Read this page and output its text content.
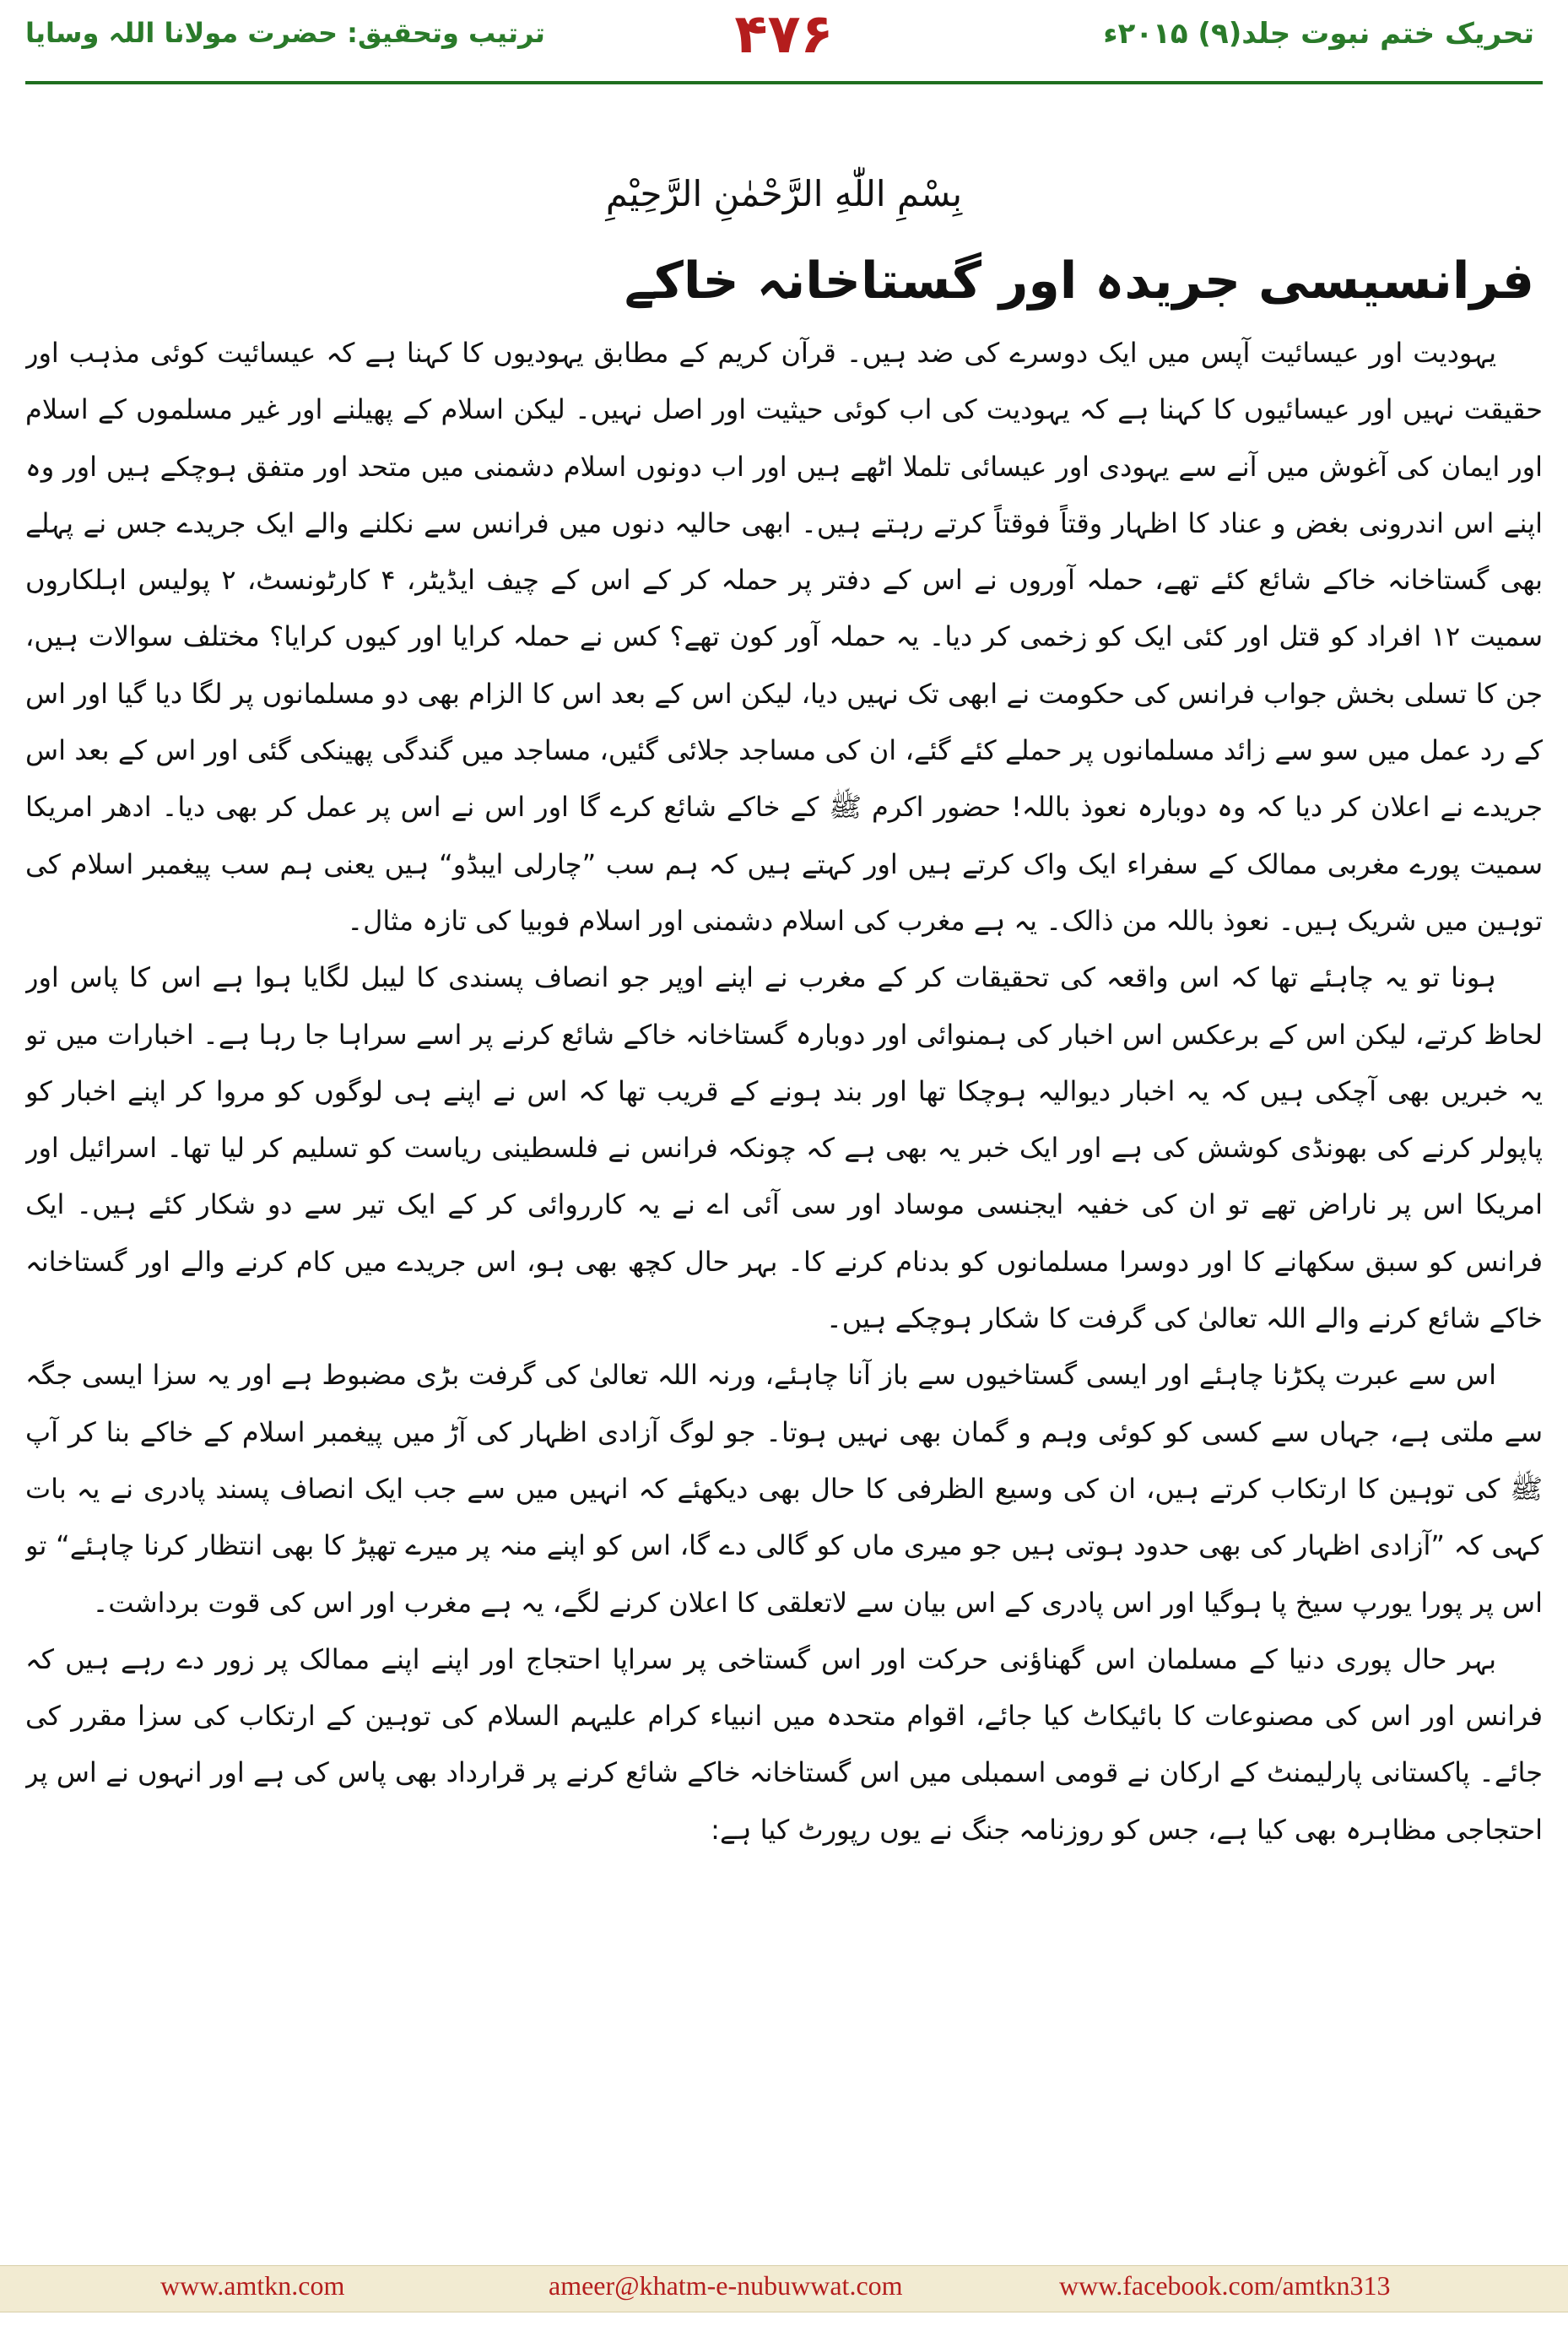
تحریک ختم نبوت جلد(۹) ۲۰۱۵ء
۴۷۶
ترتیب وتحقیق: حضرت مولانا اللہ وسایا
بِسْمِ اللّٰهِ الرَّحْمٰنِ الرَّحِيْمِ
فرانسیسی جریدہ اور گستاخانہ خاکے

یہودیت اور عیسائیت آپس میں ایک دوسرے کی ضد ہیں۔ قرآن کریم کے مطابق یہودیوں کا کہنا ہے کہ عیسائیت کوئی مذہب اور حقیقت نہیں اور عیسائیوں کا کہنا ہے کہ یہودیت کی اب کوئی حیثیت اور اصل نہیں۔ لیکن اسلام کے پھیلنے اور غیر مسلموں کے اسلام اور ایمان کی آغوش میں آنے سے یہودی اور عیسائی تلملا اٹھے ہیں اور اب دونوں اسلام دشمنی میں متحد اور متفق ہوچکے ہیں اور وہ اپنے اس اندرونی بغض و عناد کا اظہار وقتاً فوقتاً کرتے رہتے ہیں۔ ابھی حالیہ دنوں میں فرانس سے نکلنے والے ایک جریدے جس نے پہلے بھی گستاخانہ خاکے شائع کئے تھے، حملہ آوروں نے اس کے دفتر پر حملہ کر کے اس کے چیف ایڈیٹر، ۴ کارٹونسٹ، ۲ پولیس اہلکاروں سمیت ۱۲ افراد کو قتل اور کئی ایک کو زخمی کر دیا۔ یہ حملہ آور کون تھے؟ کس نے حملہ کرایا اور کیوں کرایا؟ مختلف سوالات ہیں، جن کا تسلی بخش جواب فرانس کی حکومت نے ابھی تک نہیں دیا، لیکن اس کے بعد اس کا الزام بھی دو مسلمانوں پر لگا دیا گیا اور اس کے رد عمل میں سو سے زائد مسلمانوں پر حملے کئے گئے، ان کی مساجد جلائی گئیں، مساجد میں گندگی پھینکی گئی اور اس کے بعد اس جریدے نے اعلان کر دیا کہ وہ دوبارہ نعوذ باللہ! حضور اکرم ﷺ کے خاکے شائع کرے گا اور اس نے اس پر عمل کر بھی دیا۔ ادھر امریکا سمیت پورے مغربی ممالک کے سفراء ایک واک کرتے ہیں اور کہتے ہیں کہ ہم سب ”چارلی ایبڈو“ ہیں یعنی ہم سب پیغمبر اسلام کی توہین میں شریک ہیں۔ نعوذ باللہ من ذالک۔ یہ ہے مغرب کی اسلام دشمنی اور اسلام فوبیا کی تازہ مثال۔

ہونا تو یہ چاہئے تھا کہ اس واقعہ کی تحقیقات کر کے مغرب نے اپنے اوپر جو انصاف پسندی کا لیبل لگایا ہوا ہے اس کا پاس اور لحاظ کرتے، لیکن اس کے برعکس اس اخبار کی ہمنوائی اور دوبارہ گستاخانہ خاکے شائع کرنے پر اسے سراہا جا رہا ہے۔ اخبارات میں تو یہ خبریں بھی آچکی ہیں کہ یہ اخبار دیوالیہ ہوچکا تھا اور بند ہونے کے قریب تھا کہ اس نے اپنے ہی لوگوں کو مروا کر اپنے اخبار کو پاپولر کرنے کی بھونڈی کوشش کی ہے اور ایک خبر یہ بھی ہے کہ چونکہ فرانس نے فلسطینی ریاست کو تسلیم کر لیا تھا۔ اسرائیل اور امریکا اس پر ناراض تھے تو ان کی خفیہ ایجنسی موساد اور سی آئی اے نے یہ کارروائی کر کے ایک تیر سے دو شکار کئے ہیں۔ ایک فرانس کو سبق سکھانے کا اور دوسرا مسلمانوں کو بدنام کرنے کا۔ بہر حال کچھ بھی ہو، اس جریدے میں کام کرنے والے اور گستاخانہ خاکے شائع کرنے والے اللہ تعالیٰ کی گرفت کا شکار ہوچکے ہیں۔

اس سے عبرت پکڑنا چاہئے اور ایسی گستاخیوں سے باز آنا چاہئے، ورنہ اللہ تعالیٰ کی گرفت بڑی مضبوط ہے اور یہ سزا ایسی جگہ سے ملتی ہے، جہاں سے کسی کو کوئی وہم و گمان بھی نہیں ہوتا۔ جو لوگ آزادی اظہار کی آڑ میں پیغمبر اسلام کے خاکے بنا کر آپ ﷺ کی توہین کا ارتکاب کرتے ہیں، ان کی وسیع الظرفی کا حال بھی دیکھئے کہ انہیں میں سے جب ایک انصاف پسند پادری نے یہ بات کہی کہ ”آزادی اظہار کی بھی حدود ہوتی ہیں جو میری ماں کو گالی دے گا، اس کو اپنے منہ پر میرے تھپڑ کا بھی انتظار کرنا چاہئے“ تو اس پر پورا یورپ سیخ پا ہوگیا اور اس پادری کے اس بیان سے لاتعلقی کا اعلان کرنے لگے، یہ ہے مغرب اور اس کی قوت برداشت۔

بہر حال پوری دنیا کے مسلمان اس گھناؤنی حرکت اور اس گستاخی پر سراپا احتجاج اور اپنے اپنے ممالک پر زور دے رہے ہیں کہ فرانس اور اس کی مصنوعات کا بائیکاٹ کیا جائے، اقوام متحدہ میں انبیاء کرام علیہم السلام کی توہین کے ارتکاب کی سزا مقرر کی جائے۔ پاکستانی پارلیمنٹ کے ارکان نے قومی اسمبلی میں اس گستاخانہ خاکے شائع کرنے پر قرارداد بھی پاس کی ہے اور انہوں نے اس پر احتجاجی مظاہرہ بھی کیا ہے، جس کو روزنامہ جنگ نے یوں رپورٹ کیا ہے:

www.amtkn.com	ameer@khatm-e-nubuwwat.com	www.facebook.com/amtkn313
